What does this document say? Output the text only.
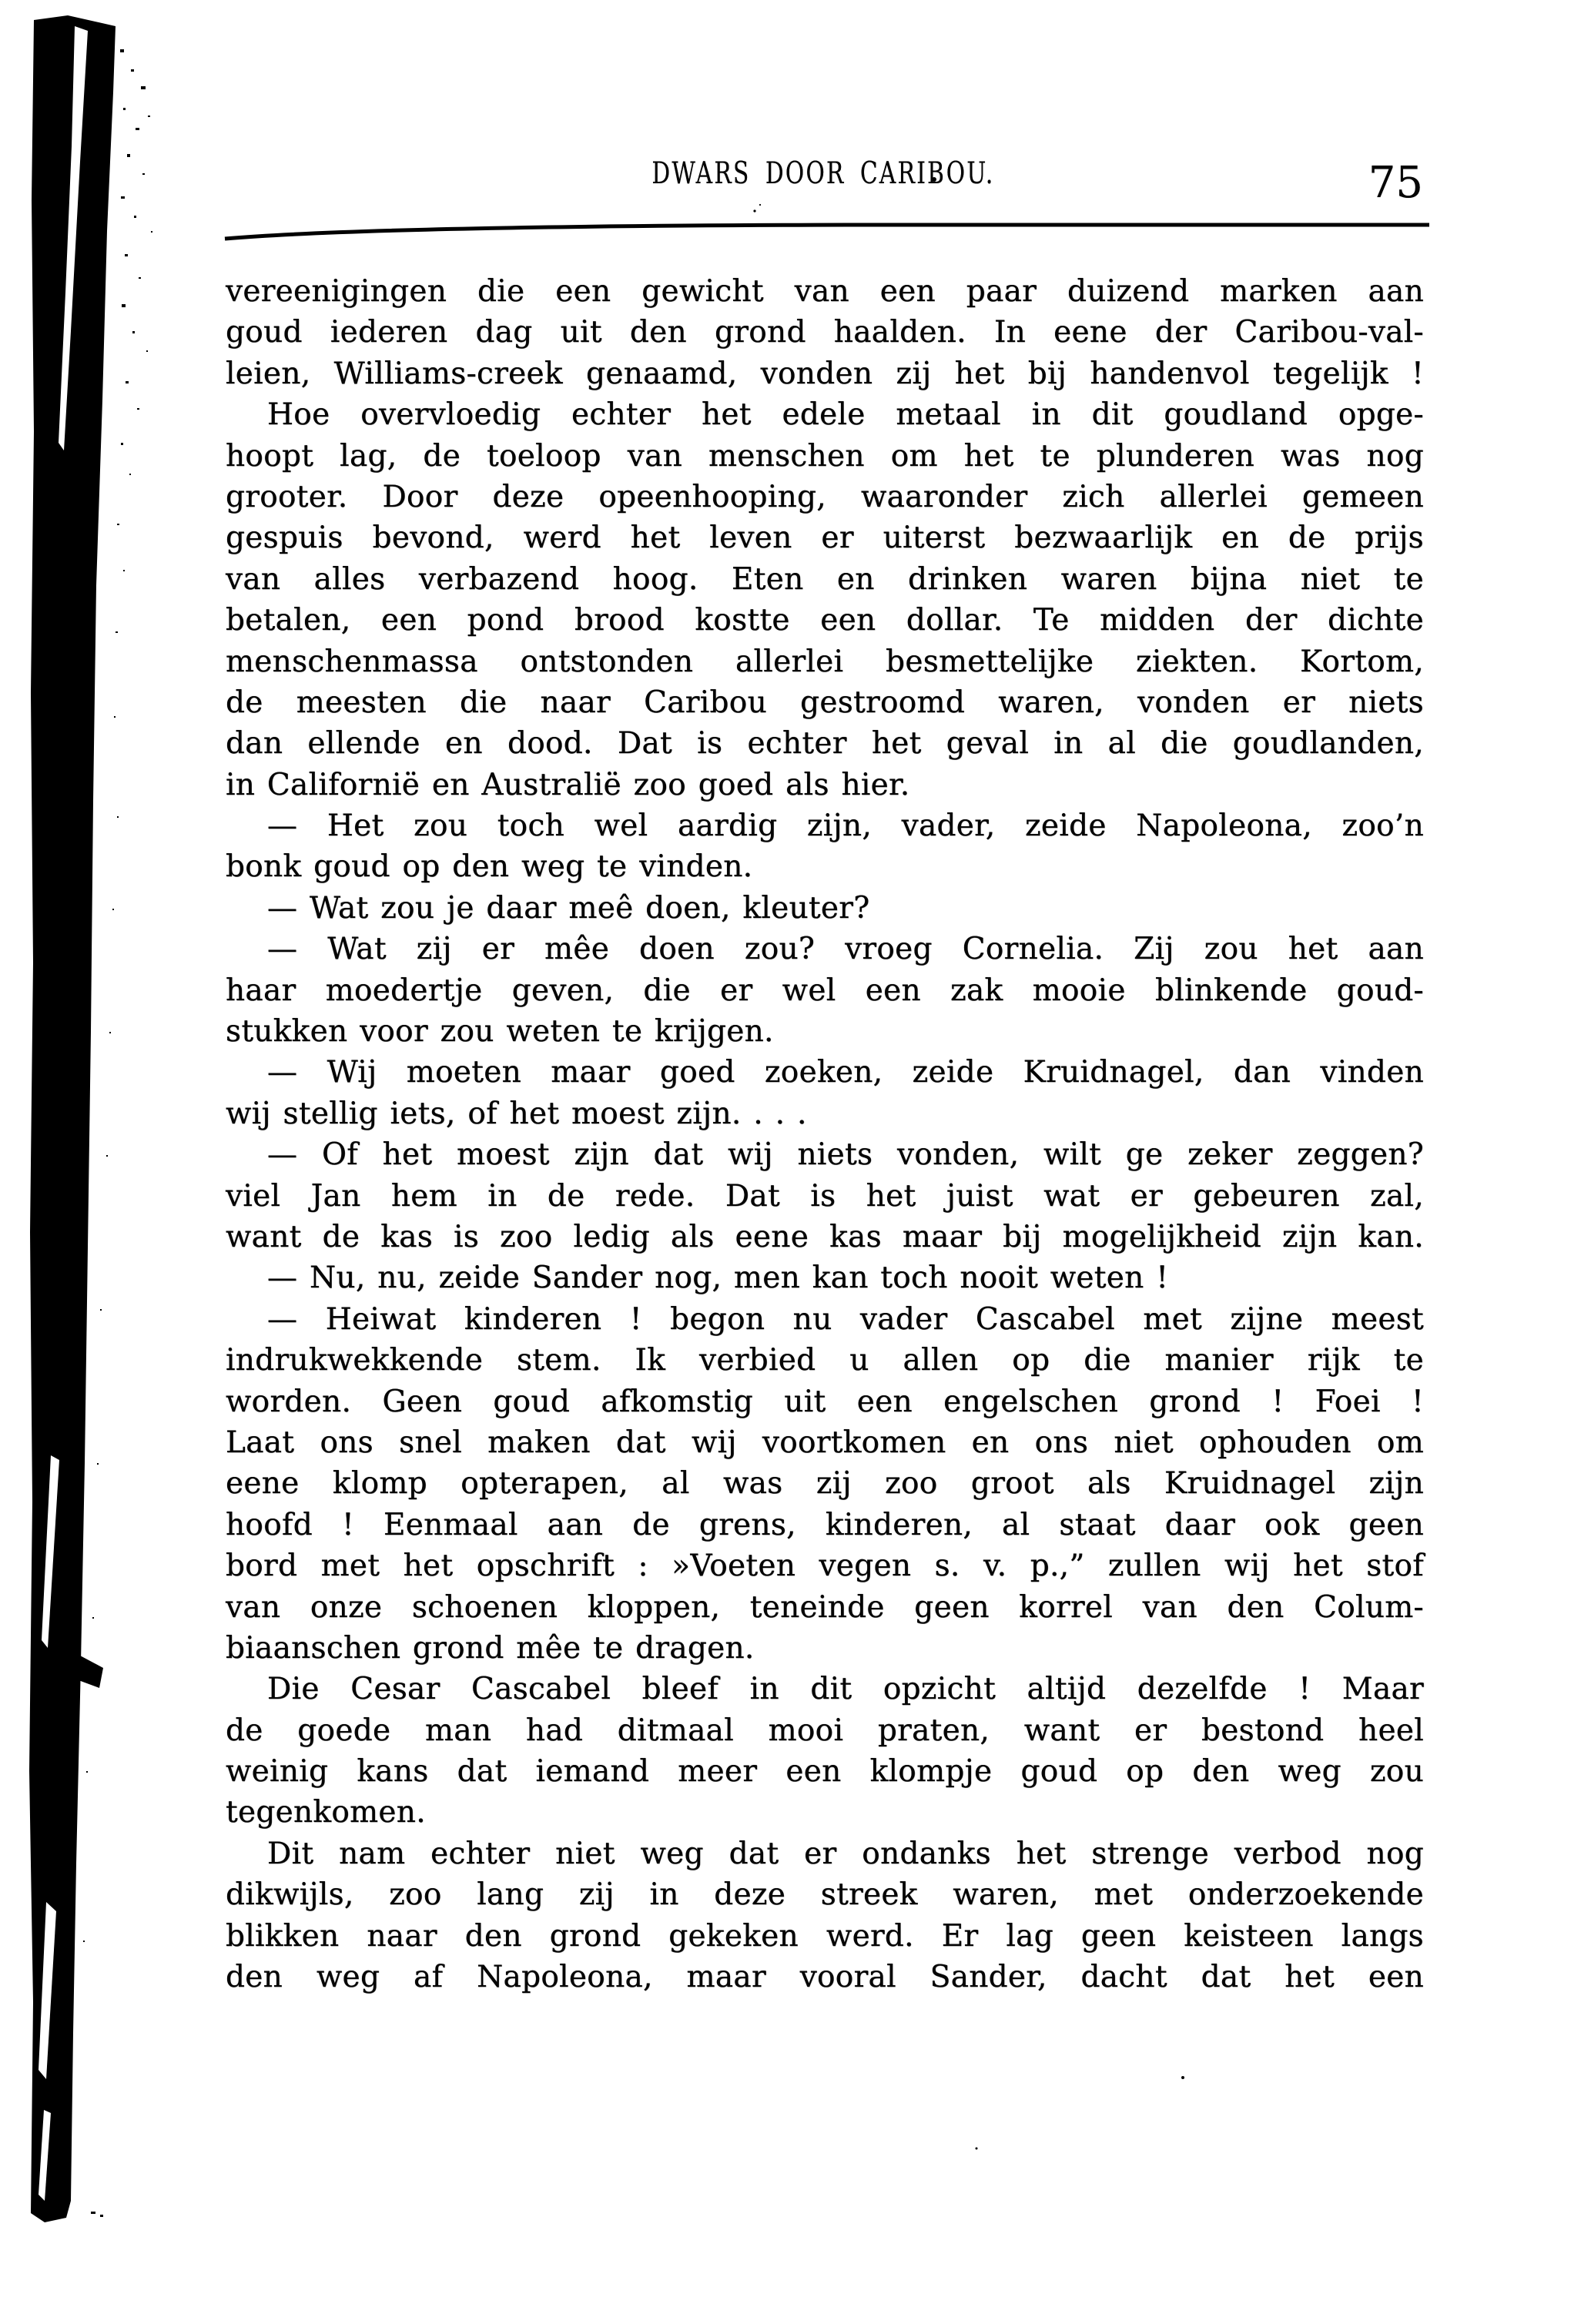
DWARS DOOR CARIBOU.	75
vereenigingen die een gewicht van een paar duizend marken aan
goud iederen dag uit den grond haalden. In eene der Caribou-val-
leien, Williams-creek genaamd, vonden zij het bij handenvol tegelijk !
Hoe overvloedig echter het edele metaal in dit goudland opge-
hoopt lag, de toeloop van menschen om het te plunderen was nog
grooter. Door deze opeenhooping, waaronder zich allerlei gemeen
gespuis bevond, werd het leven er uiterst bezwaarlijk en de prijs
van alles verbazend hoog. Eten en drinken waren bijna niet te
betalen, een pond brood kostte een dollar. Te midden der dichte
menschenmassa ontstonden allerlei besmettelijke ziekten. Kortom,
de meesten die naar Caribou gestroomd waren, vonden er niets
dan ellende en dood. Dat is echter het geval in al die goudlanden,
in Californië en Australië zoo goed als hier.
— Het zou toch wel aardig zijn, vader, zeide Napoleona, zoo’n
bonk goud op den weg te vinden.
— Wat zou je daar meê doen, kleuter?
— Wat zij er mêe doen zou? vroeg Cornelia. Zij zou het aan
haar moedertje geven, die er wel een zak mooie blinkende goud-
stukken voor zou weten te krijgen.
— Wij moeten maar goed zoeken, zeide Kruidnagel, dan vinden
wij stellig iets, of het moest zijn. . . .
— Of het moest zijn dat wij niets vonden, wilt ge zeker zeggen?
viel Jan hem in de rede. Dat is het juist wat er gebeuren zal,
want de kas is zoo ledig als eene kas maar bij mogelijkheid zijn kan.
— Nu, nu, zeide Sander nog, men kan toch nooit weten !
— Heiwat kinderen ! begon nu vader Cascabel met zijne meest
indrukwekkende stem. Ik verbied u allen op die manier rijk te
worden. Geen goud afkomstig uit een engelschen grond ! Foei !
Laat ons snel maken dat wij voortkomen en ons niet ophouden om
eene klomp opterapen, al was zij zoo groot als Kruidnagel zijn
hoofd ! Eenmaal aan de grens, kinderen, al staat daar ook geen
bord met het opschrift : »Voeten vegen s. v. p.,” zullen wij het stof
van onze schoenen kloppen, teneinde geen korrel van den Colum-
biaanschen grond mêe te dragen.
Die Cesar Cascabel bleef in dit opzicht altijd dezelfde ! Maar
de goede man had ditmaal mooi praten, want er bestond heel
weinig kans dat iemand meer een klompje goud op den weg zou
tegenkomen.
Dit nam echter niet weg dat er ondanks het strenge verbod nog
dikwijls, zoo lang zij in deze streek waren, met onderzoekende
blikken naar den grond gekeken werd. Er lag geen keisteen langs
den weg af Napoleona, maar vooral Sander, dacht dat het een
